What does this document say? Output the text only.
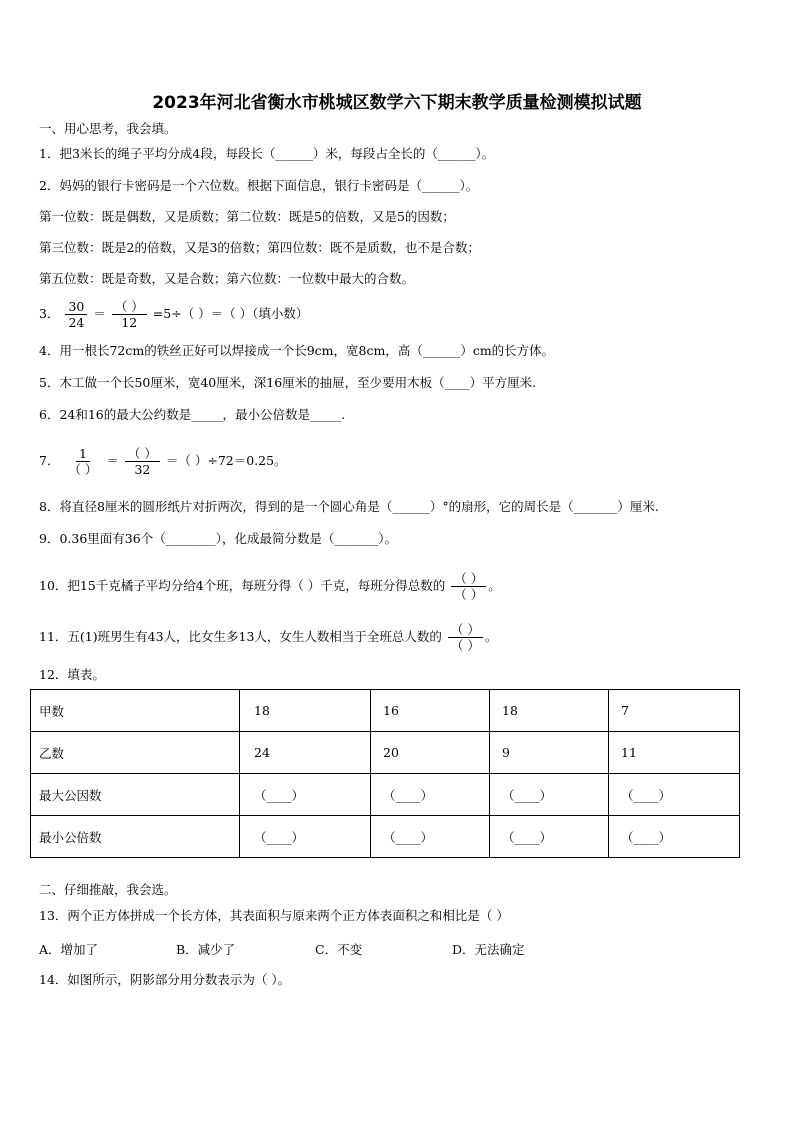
2023年河北省衡水市桃城区数学六下期末教学质量检测模拟试题
一、用心思考，我会填。
1．把3米长的绳子平均分成4段，每段长（______）米，每段占全长的（______）。
2．妈妈的银行卡密码是一个六位数。根据下面信息，银行卡密码是（______）。
第一位数：既是偶数，又是质数；第二位数：既是5的倍数，又是5的因数；
第三位数：既是2的倍数，又是3的倍数；第四位数：既不是质数，也不是合数；
第五位数：既是奇数，又是合数；第六位数：一位数中最大的合数。
3． $\frac{30}{24} = \frac{( )}{12} =5\div$（ ）＝（ ）（填小数）
4．用一根长72cm的铁丝正好可以焊接成一个长9cm，宽8cm，高（______）cm的长方体。
5．木工做一个长50厘米，宽40厘米，深16厘米的抽屉，至少要用木板（____）平方厘米.
6．24和16的最大公约数是_____，最小公倍数是_____.
7． $\frac{1}{( )} = \frac{( )}{32}$ ＝（ ）÷72＝0.25。
8．将直径8厘米的圆形纸片对折两次，得到的是一个圆心角是（______）°的扇形，它的周长是（_______）厘米.
9．0.36里面有36个（________），化成最简分数是（_______）。
10．把15千克橘子平均分给4个班，每班分得（ ）千克，每班分得总数的 $\frac{( )}{( )}$ 。
11．五(1)班男生有43人，比女生多13人，女生人数相当于全班总人数的 $\frac{( )}{( )}$ 。
12．填表。
甲数	18	16	18	7
乙数	24	20	9	11
最大公因数	（____）	（____）	（____）	（____）
最小公倍数	（____）	（____）	（____）	（____）
二、仔细推敲，我会选。
13．两个正方体拼成一个长方体，其表面积与原来两个正方体表面积之和相比是（ ）
A．增加了	B．减少了	C．不变	D．无法确定
14．如图所示，阴影部分用分数表示为（ ）。
